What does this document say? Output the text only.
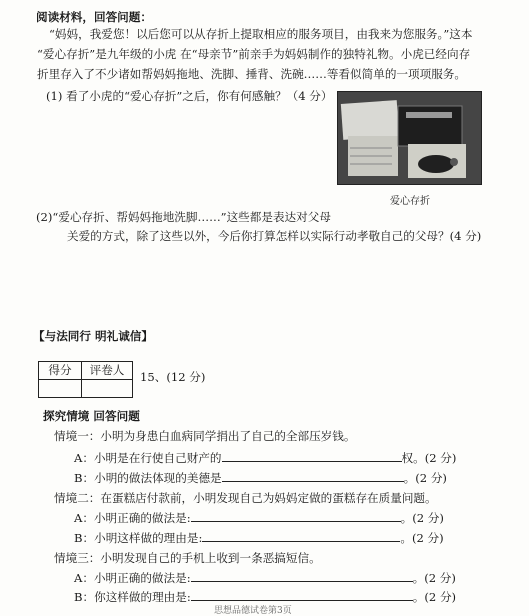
阅读材料，回答问题：
“妈妈，我爱您！以后您可以从存折上提取相应的服务项目，由我来为您服务。”这本
“爱心存折”是九年级的小虎 在“母亲节”前亲手为妈妈制作的独特礼物。小虎已经向存
折里存入了不少诸如帮妈妈拖地、洗脚、捶背、洗碗……等看似简单的一项项服务。
(1) 看了小虎的“爱心存折”之后，你有何感触？（4 分）
爱心存折
(2)“爱心存折、帮妈妈拖地洗脚……”这些都是表达对父母
关爱的方式，除了这些以外，今后你打算怎样以实际行动孝敬自己的父母？(4 分)
【与法同行 明礼诚信】
得分	评卷人
	15、(12 分)
探究情境 回答问题
情境一：小明为身患白血病同学捐出了自己的全部压岁钱。
A：小明是在行使自己财产的	权。(2 分)
B：小明的做法体现的美德是	。(2 分)
情境二：在蛋糕店付款前，小明发现自己为妈妈定做的蛋糕存在质量问题。
A：小明正确的做法是:	。(2 分)
B：小明这样做的理由是:	。(2 分)
情境三：小明发现自己的手机上收到一条恶搞短信。
A：小明正确的做法是:	。(2 分)
B：你这样做的理由是:	。(2 分)
思想品德试卷第3页
